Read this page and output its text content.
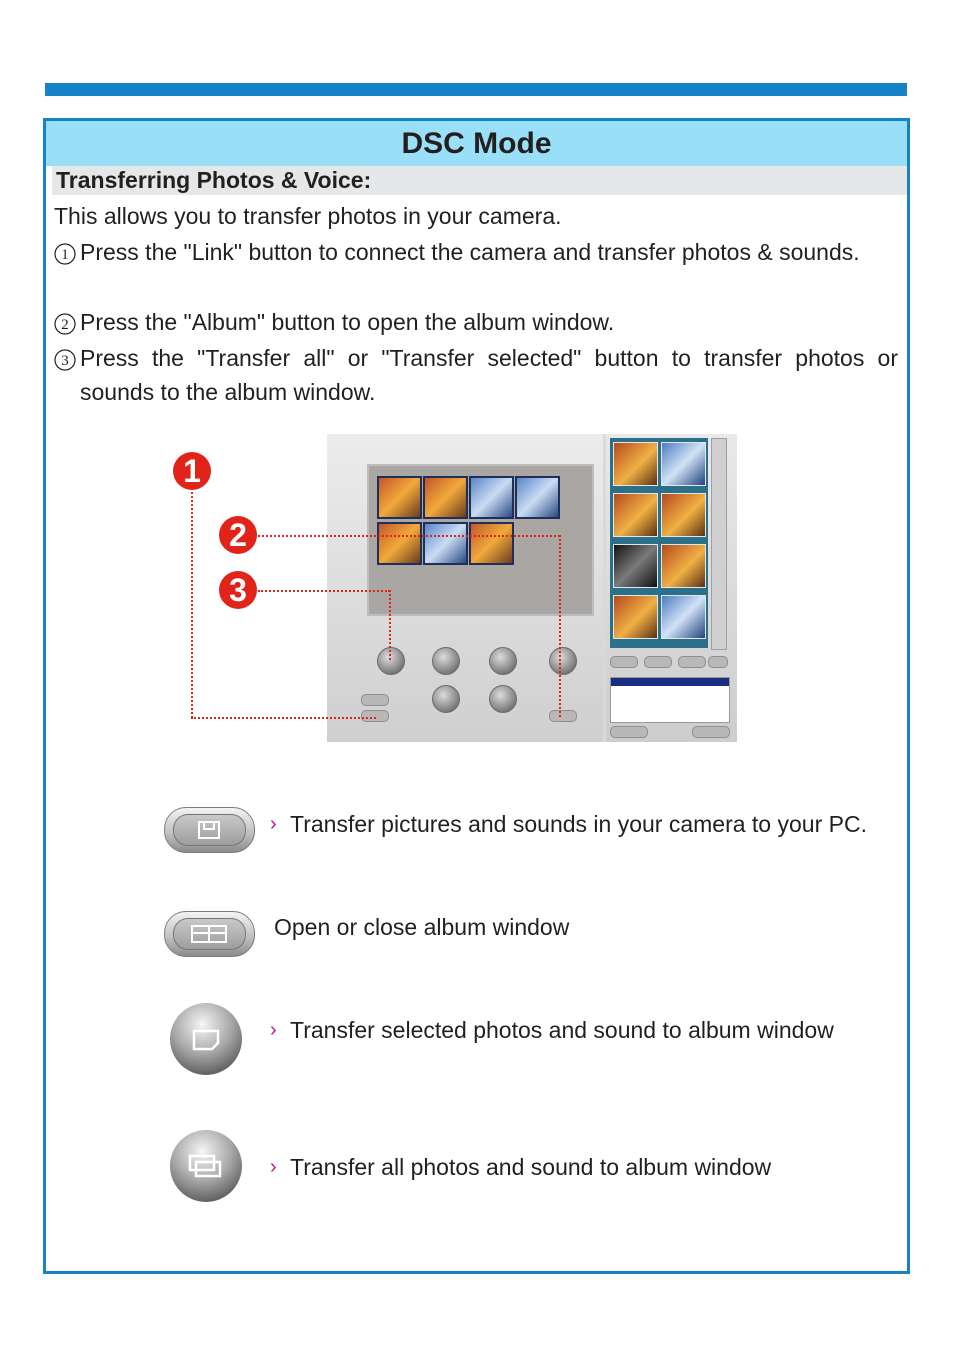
DSC Mode
Transferring Photos & Voice:
This allows you to transfer photos in your camera.
1 Press the "Link" button to connect the camera and transfer photos & sounds.
2 Press the "Album" button to open the album window.
3 Press the "Transfer all" or "Transfer selected" button to transfer photos or sounds to the album window.
1
2
3
› Transfer pictures and sounds in your camera to your PC.
Open or close album window
› Transfer selected photos and sound to album window
› Transfer all photos and sound to album window
